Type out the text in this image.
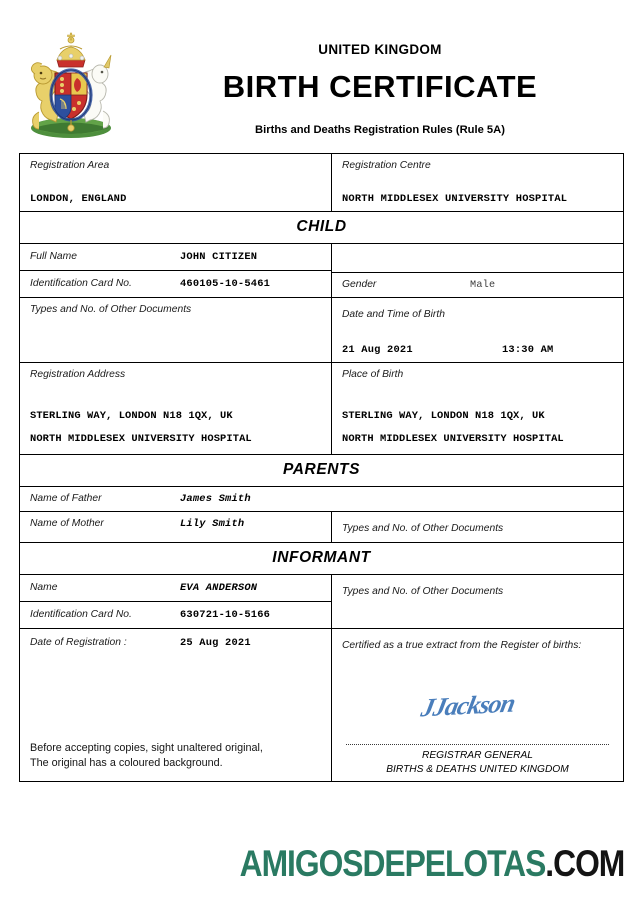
UNITED KINGDOM
BIRTH CERTIFICATE
Births and Deaths Registration Rules (Rule 5A)
Registration Area
LONDON, ENGLAND
Registration Centre
NORTH MIDDLESEX UNIVERSITY HOSPITAL
CHILD
Full Name	JOHN CITIZEN
Identification Card No.	460105-10-5461	Gender	Male
Types and No. of Other Documents	Date and Time of Birth
21 Aug 2021	13:30 AM
Registration Address
STERLING WAY, LONDON N18 1QX, UK
NORTH MIDDLESEX UNIVERSITY HOSPITAL
Place of Birth
STERLING WAY, LONDON N18 1QX, UK
NORTH MIDDLESEX UNIVERSITY HOSPITAL
PARENTS
Name of Father	James Smith
Name of Mother	Lily Smith	Types and No. of Other Documents
INFORMANT
Name	EVA ANDERSON
Identification Card No.	630721-10-5166
Types and No. of Other Documents
Date of Registration :	25 Aug 2021
Before accepting copies, sight unaltered original,
The original has a coloured background.
Certified as a true extract from the Register of births:
JJackson
REGISTRAR GENERAL
BIRTHS & DEATHS UNITED KINGDOM
AMIGOSDEPELOTAS.COM
